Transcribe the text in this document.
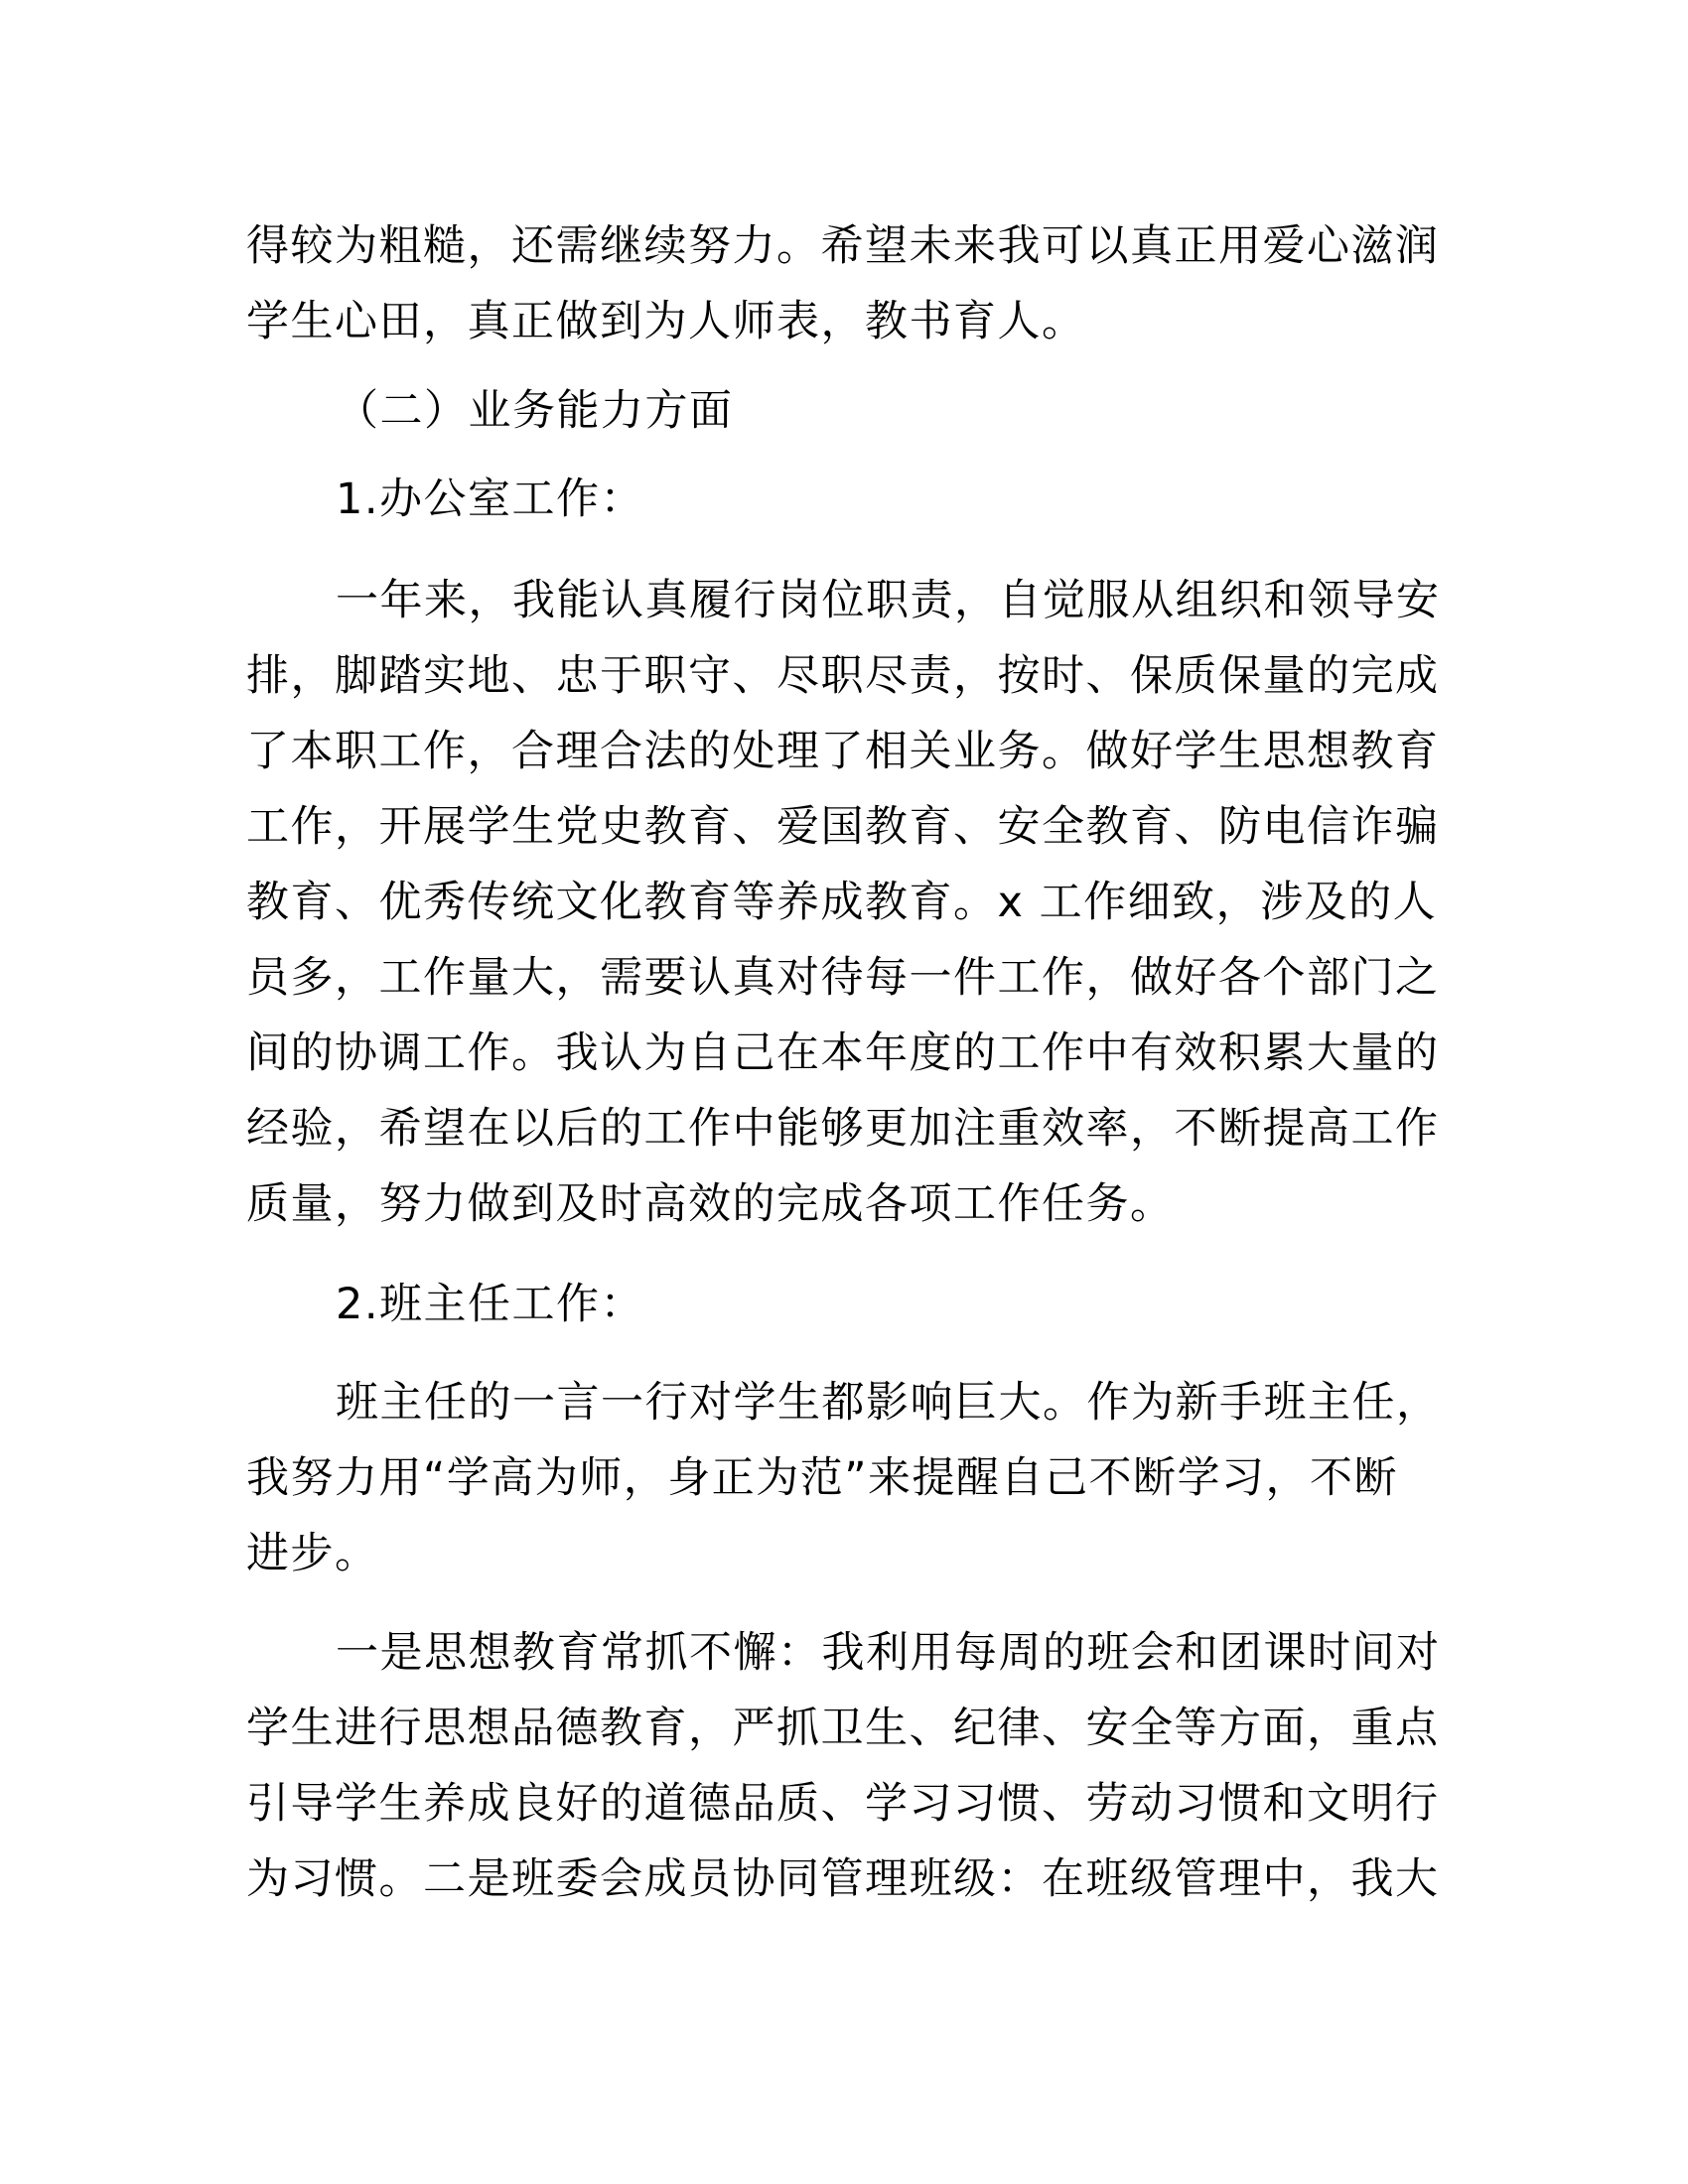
得较为粗糙，还需继续努力。希望未来我可以真正用爱心滋润
学生心田，真正做到为人师表，教书育人。
（二）业务能力方面
1.办公室工作：
一年来，我能认真履行岗位职责，自觉服从组织和领导安
排，脚踏实地、忠于职守、尽职尽责，按时、保质保量的完成
了本职工作，合理合法的处理了相关业务。做好学生思想教育
工作，开展学生党史教育、爱国教育、安全教育、防电信诈骗
教育、优秀传统文化教育等养成教育。x 工作细致，涉及的人
员多，工作量大，需要认真对待每一件工作，做好各个部门之
间的协调工作。我认为自己在本年度的工作中有效积累大量的
经验，希望在以后的工作中能够更加注重效率，不断提高工作
质量，努力做到及时高效的完成各项工作任务。
2.班主任工作：
班主任的一言一行对学生都影响巨大。作为新手班主任，
我努力用“学高为师，身正为范”来提醒自己不断学习，不断
进步。
一是思想教育常抓不懈：我利用每周的班会和团课时间对
学生进行思想品德教育，严抓卫生、纪律、安全等方面，重点
引导学生养成良好的道德品质、学习习惯、劳动习惯和文明行
为习惯。二是班委会成员协同管理班级：在班级管理中，我大
